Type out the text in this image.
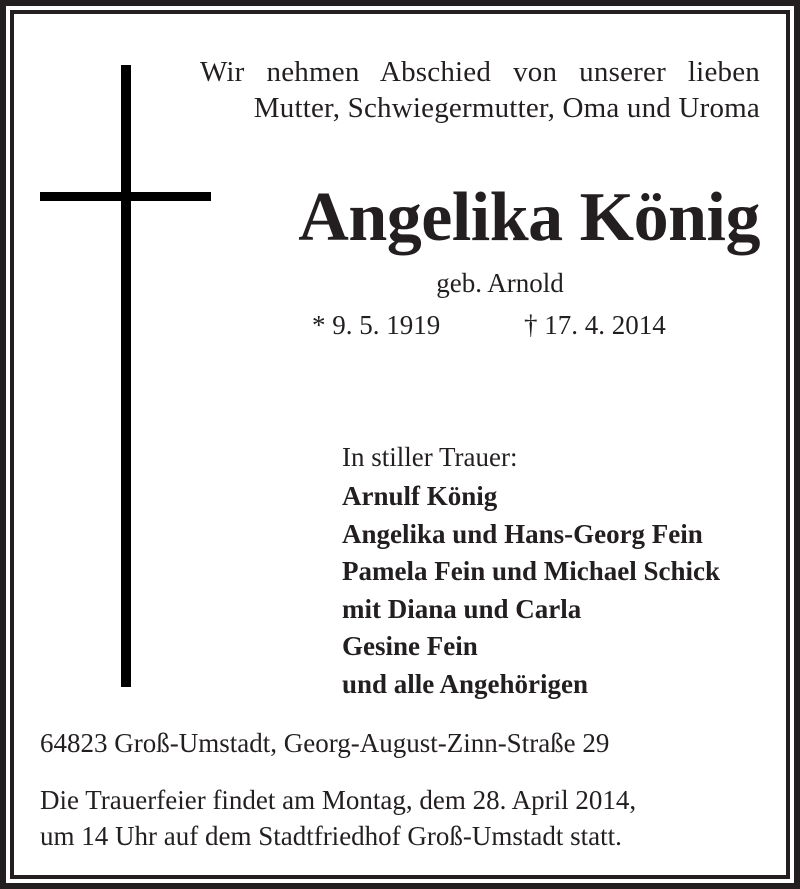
Wir nehmen Abschied von unserer lieben
Mutter, Schwiegermutter, Oma und Uroma
Angelika König
geb. Arnold
* 9. 5. 1919	† 17. 4. 2014
In stiller Trauer:
Arnulf König
Angelika und Hans-Georg Fein
Pamela Fein und Michael Schick
mit Diana und Carla
Gesine Fein
und alle Angehörigen
64823 Groß-Umstadt, Georg-August-Zinn-Straße 29
Die Trauerfeier findet am Montag, dem 28. April 2014,
um 14 Uhr auf dem Stadtfriedhof Groß-Umstadt statt.
